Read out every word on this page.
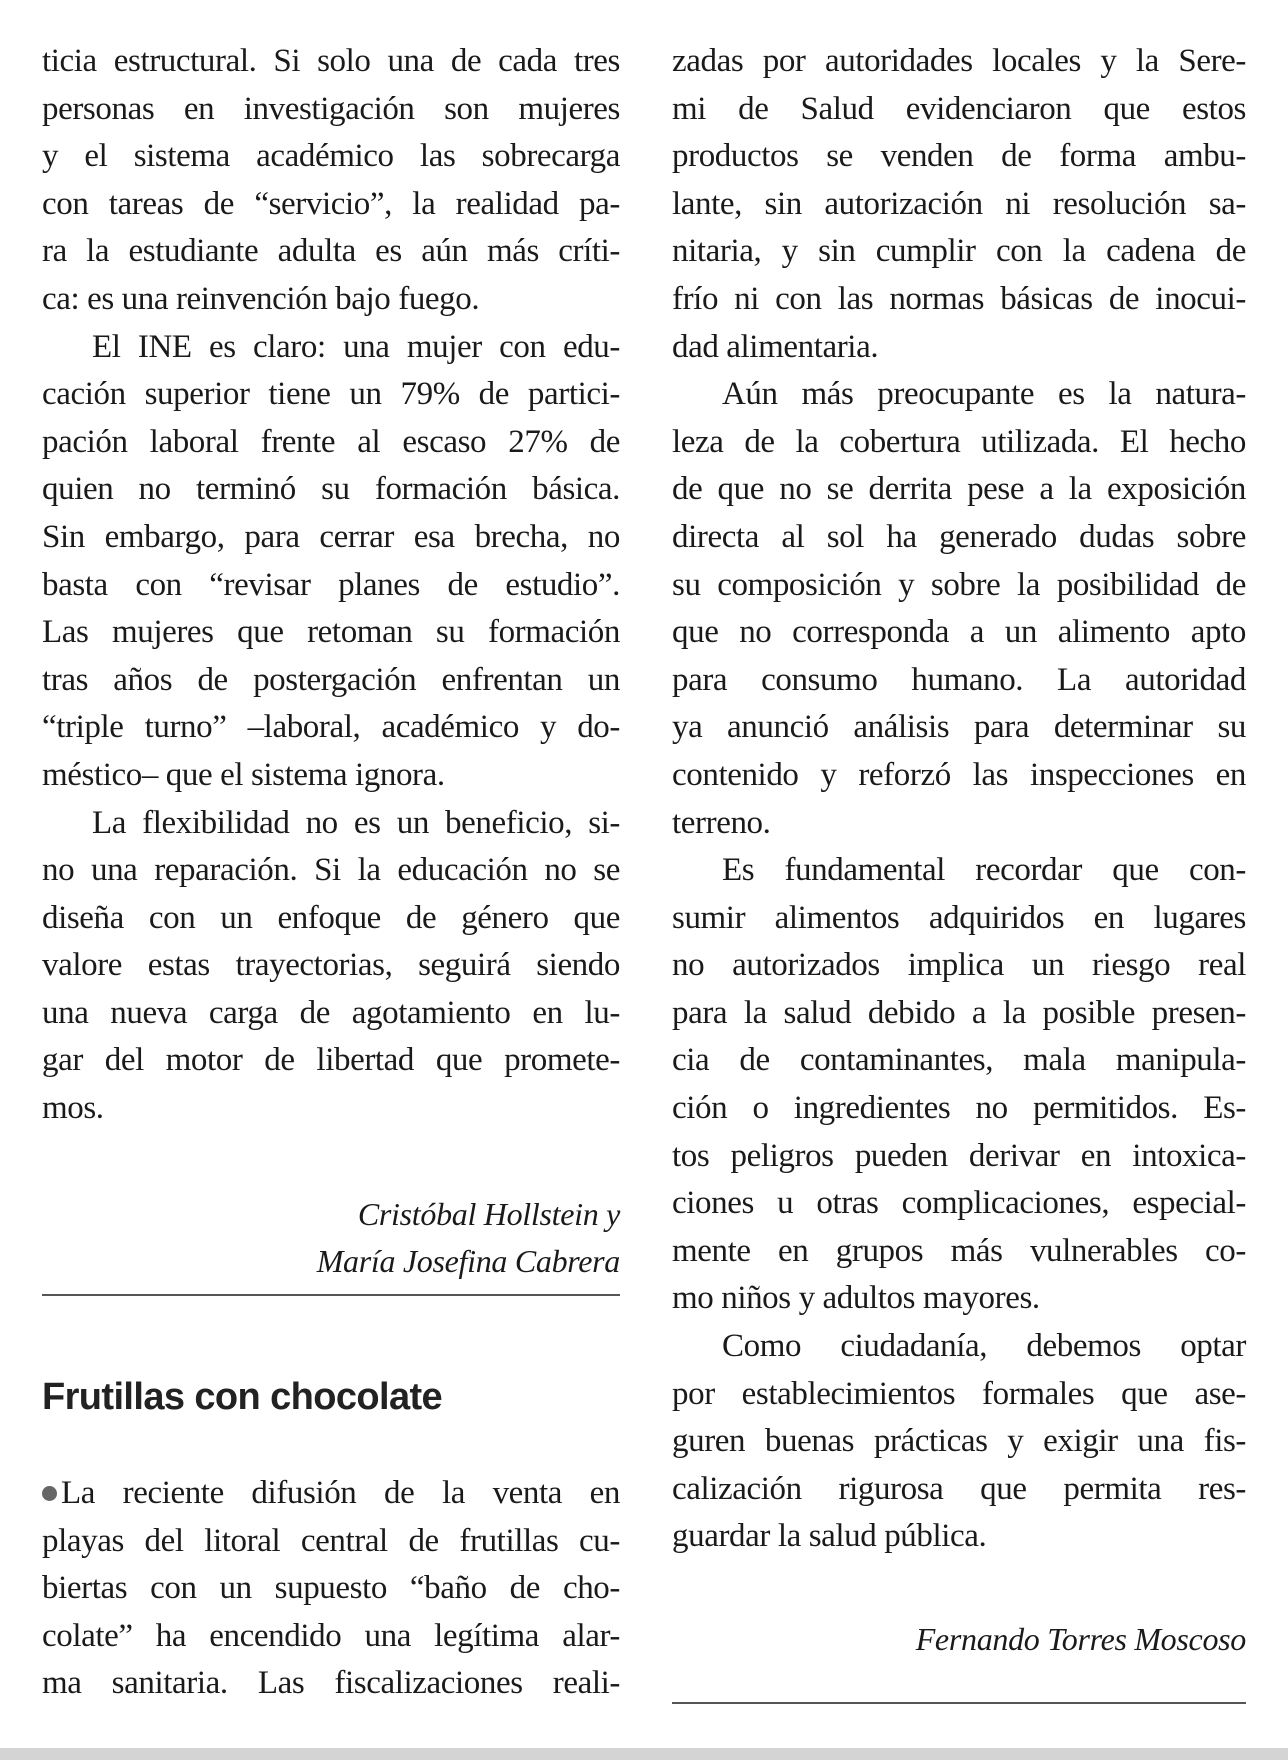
ticia estructural. Si solo una de cada tres
personas en investigación son mujeres
y el sistema académico las sobrecarga
con tareas de “servicio”, la realidad pa-
ra la estudiante adulta es aún más críti-
ca: es una reinvención bajo fuego.
El INE es claro: una mujer con edu-
cación superior tiene un 79% de partici-
pación laboral frente al escaso 27% de
quien no terminó su formación básica.
Sin embargo, para cerrar esa brecha, no
basta con “revisar planes de estudio”.
Las mujeres que retoman su formación
tras años de postergación enfrentan un
“triple turno” –laboral, académico y do-
méstico– que el sistema ignora.
La flexibilidad no es un beneficio, si-
no una reparación. Si la educación no se
diseña con un enfoque de género que
valore estas trayectorias, seguirá siendo
una nueva carga de agotamiento en lu-
gar del motor de libertad que promete-
mos.
Cristóbal Hollstein y
María Josefina Cabrera
Frutillas con chocolate
La reciente difusión de la venta en
playas del litoral central de frutillas cu-
biertas con un supuesto “baño de cho-
colate” ha encendido una legítima alar-
ma sanitaria. Las fiscalizaciones reali-
zadas por autoridades locales y la Sere-
mi de Salud evidenciaron que estos
productos se venden de forma ambu-
lante, sin autorización ni resolución sa-
nitaria, y sin cumplir con la cadena de
frío ni con las normas básicas de inocui-
dad alimentaria.
Aún más preocupante es la natura-
leza de la cobertura utilizada. El hecho
de que no se derrita pese a la exposición
directa al sol ha generado dudas sobre
su composición y sobre la posibilidad de
que no corresponda a un alimento apto
para consumo humano. La autoridad
ya anunció análisis para determinar su
contenido y reforzó las inspecciones en
terreno.
Es fundamental recordar que con-
sumir alimentos adquiridos en lugares
no autorizados implica un riesgo real
para la salud debido a la posible presen-
cia de contaminantes, mala manipula-
ción o ingredientes no permitidos. Es-
tos peligros pueden derivar en intoxica-
ciones u otras complicaciones, especial-
mente en grupos más vulnerables co-
mo niños y adultos mayores.
Como ciudadanía, debemos optar
por establecimientos formales que ase-
guren buenas prácticas y exigir una fis-
calización rigurosa que permita res-
guardar la salud pública.
Fernando Torres Moscoso
